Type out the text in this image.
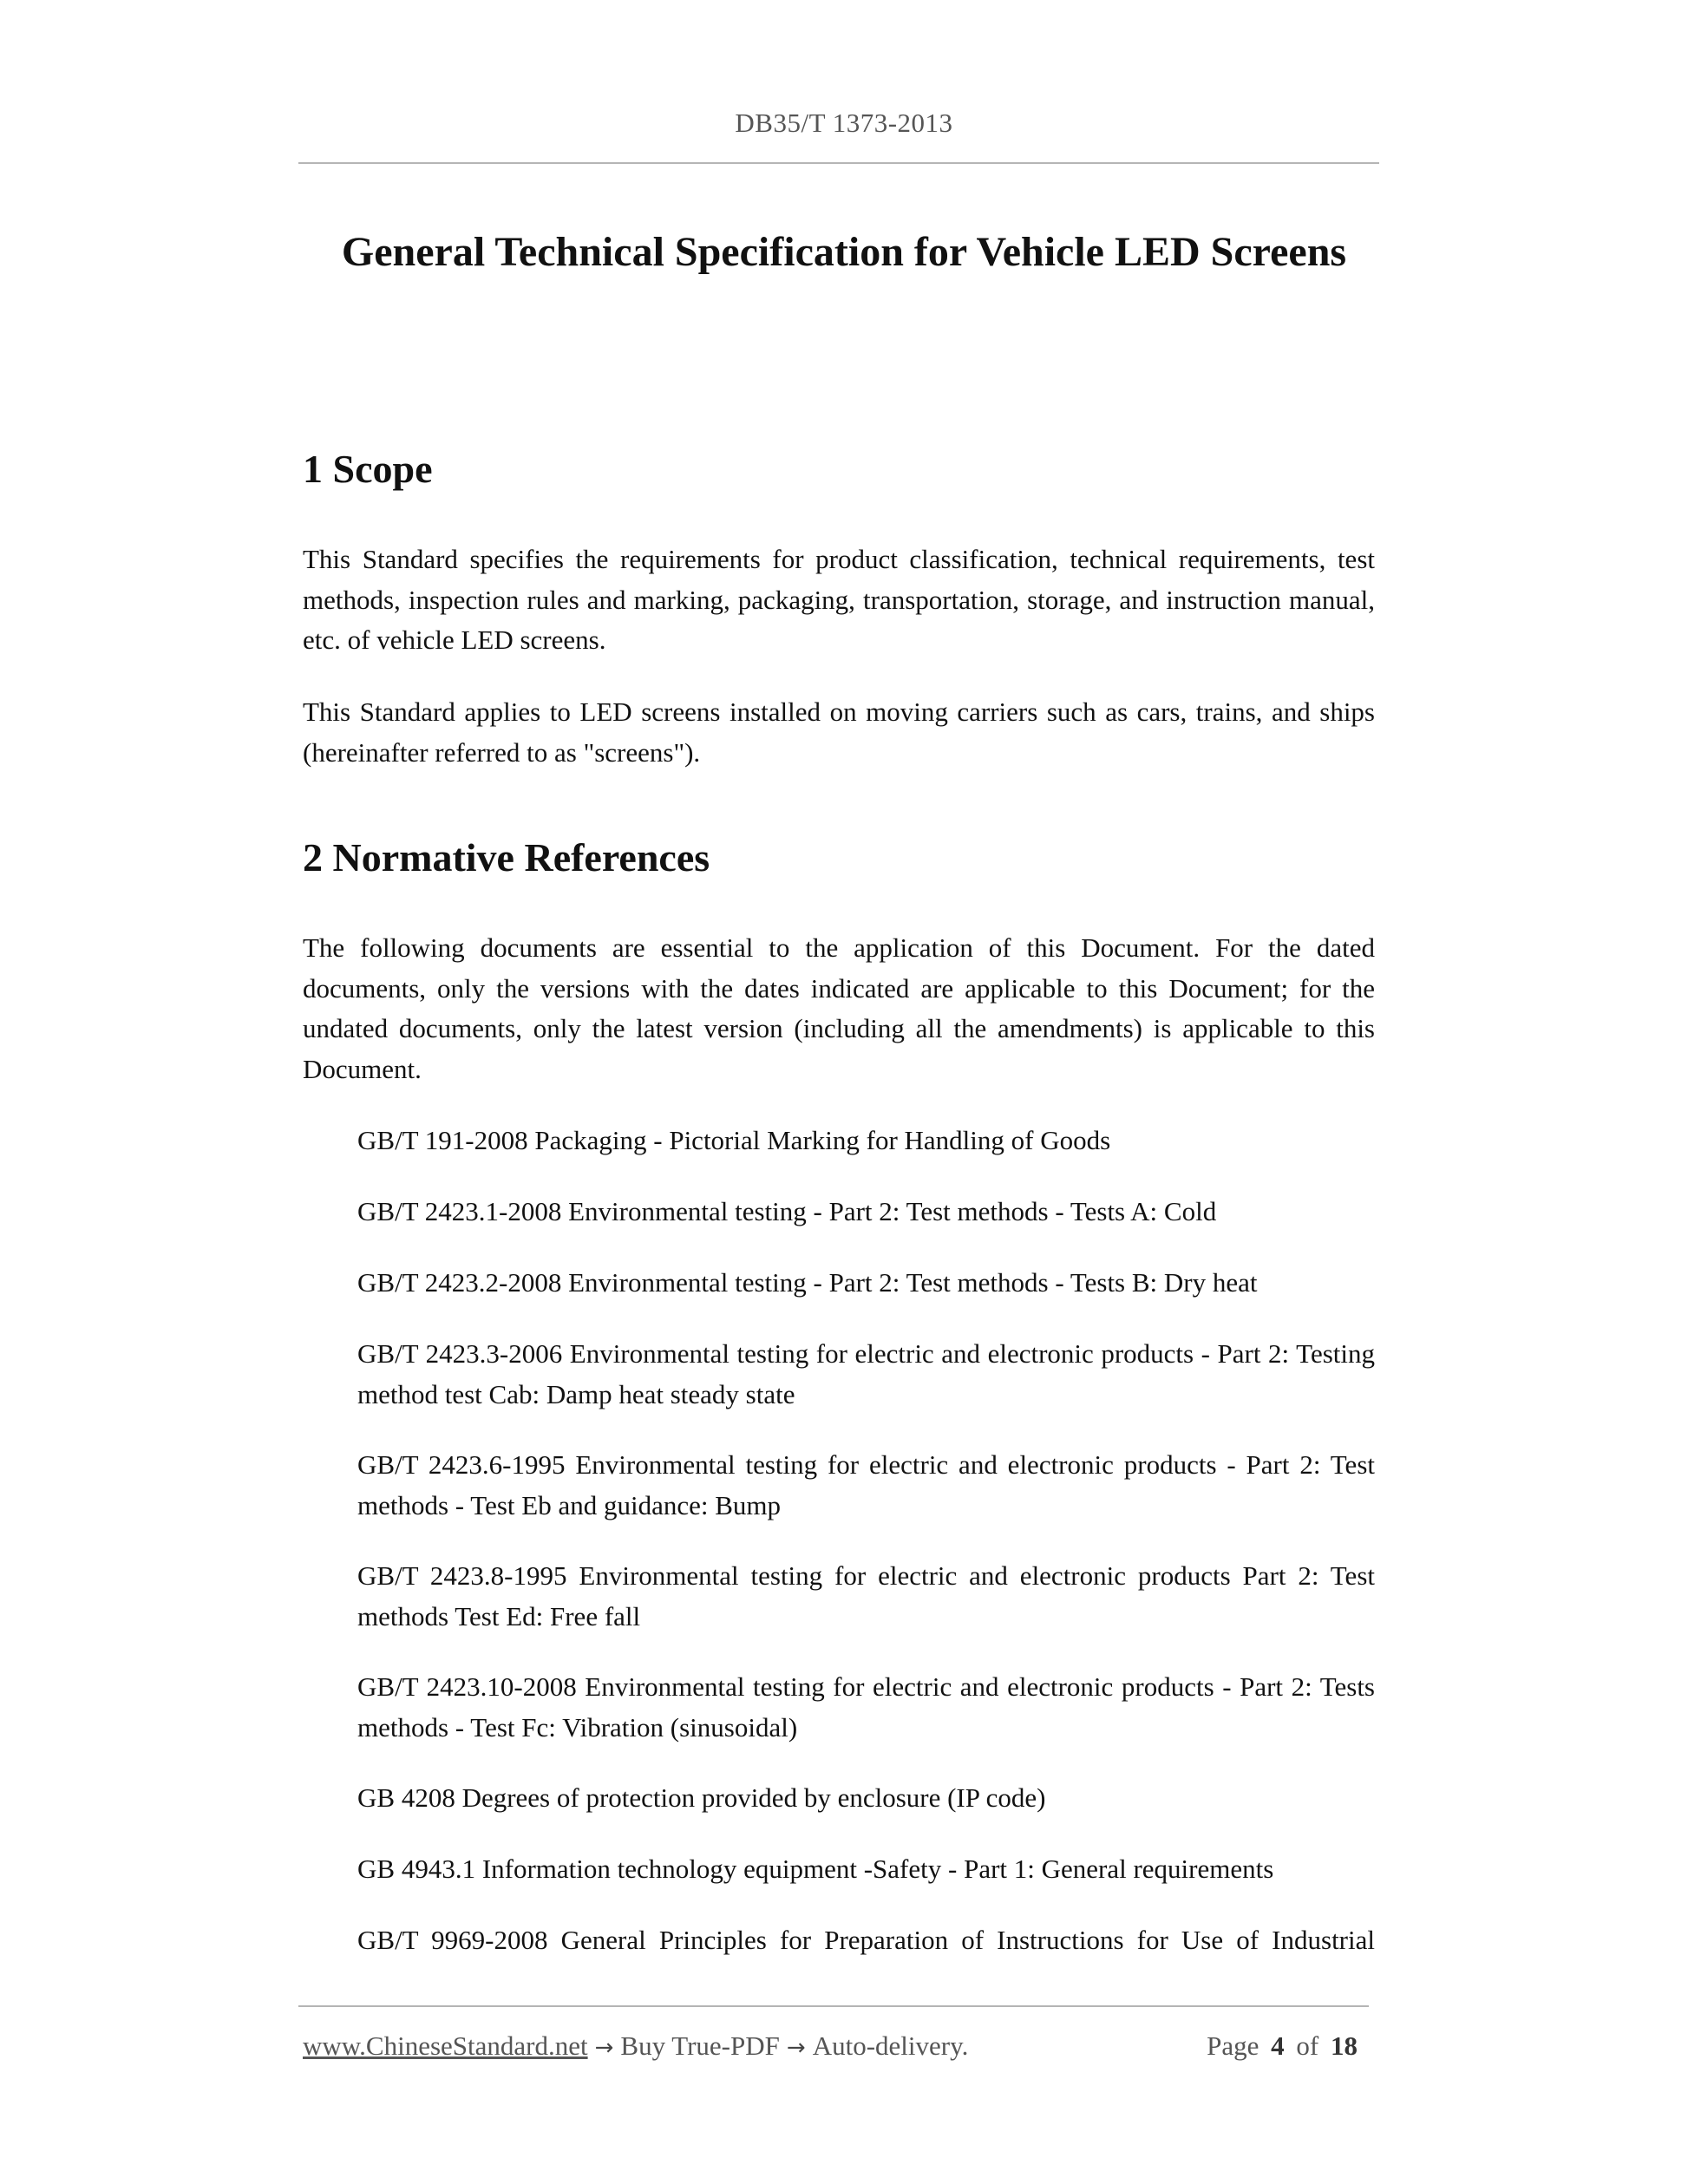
DB35/T 1373-2013
General Technical Specification for Vehicle LED Screens
1 Scope

This Standard specifies the requirements for product classification, technical requirements, test methods, inspection rules and marking, packaging, transportation, storage, and instruction manual, etc. of vehicle LED screens.

This Standard applies to LED screens installed on moving carriers such as cars, trains, and ships (hereinafter referred to as "screens").

2 Normative References

The following documents are essential to the application of this Document. For the dated documents, only the versions with the dates indicated are applicable to this Document; for the undated documents, only the latest version (including all the amendments) is applicable to this Document.

GB/T 191-2008 Packaging - Pictorial Marking for Handling of Goods
GB/T 2423.1-2008 Environmental testing - Part 2: Test methods - Tests A: Cold
GB/T 2423.2-2008 Environmental testing - Part 2: Test methods - Tests B: Dry heat
GB/T 2423.3-2006 Environmental testing for electric and electronic products - Part 2: Testing method test Cab: Damp heat steady state
GB/T 2423.6-1995 Environmental testing for electric and electronic products - Part 2: Test methods - Test Eb and guidance: Bump
GB/T 2423.8-1995 Environmental testing for electric and electronic products Part 2: Test methods Test Ed: Free fall
GB/T 2423.10-2008 Environmental testing for electric and electronic products - Part 2: Tests methods - Test Fc: Vibration (sinusoidal)
GB 4208 Degrees of protection provided by enclosure (IP code)
GB 4943.1 Information technology equipment -Safety - Part 1: General requirements
GB/T 9969-2008 General Principles for Preparation of Instructions for Use of Industrial
www.ChineseStandard.net → Buy True-PDF → Auto-delivery.	Page 4 of 18
